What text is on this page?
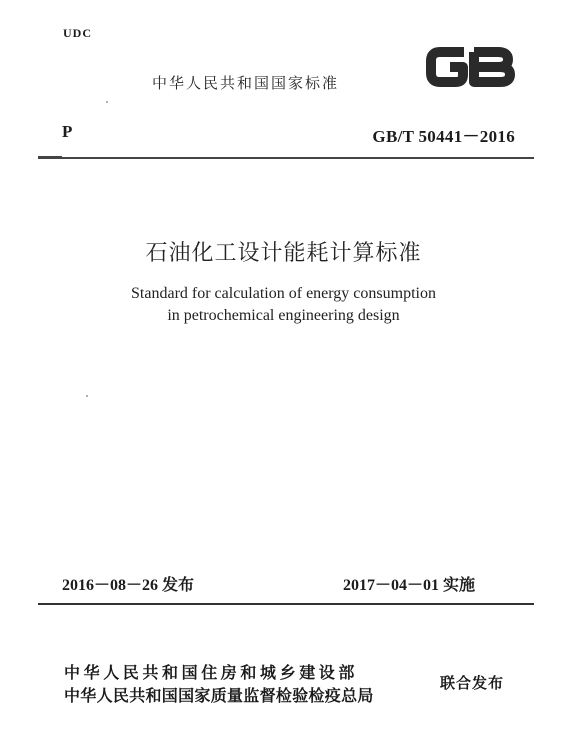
UDC
中华人民共和国国家标准
GB
P	GB/T 50441－2016
石油化工设计能耗计算标准
Standard for calculation of energy consumption
in petrochemical engineering design
2016－08－26 发布	2017－04－01 实施
中华人民共和国住房和城乡建设部
中华人民共和国国家质量监督检验检疫总局
联合发布
